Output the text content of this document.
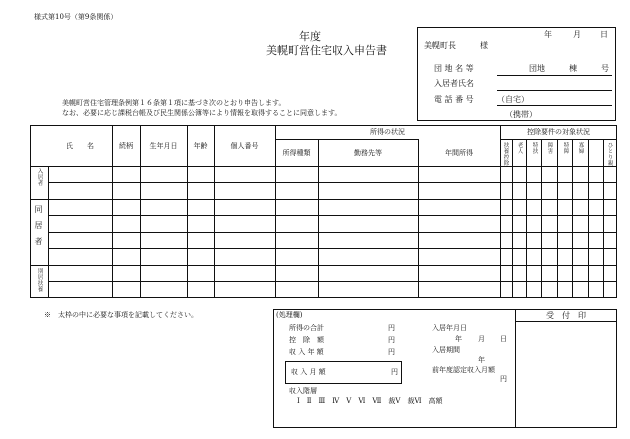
様式第10号（第9条関係）
年度
美幌町営住宅収入申告書
年	月 日
美幌町長　　　様
団 地 名 等	団地　　　棟　　　号
入居者氏名
電 話 番 号	（自宅）
（携帯）
美幌町営住宅管理条例第１６条第１項に基づき次のとおり申告します。
なお、必要に応じ課税台帳及び民生関係公簿等により情報を取得することに同意します。
氏　　名	続柄	生年月日	年齢	個人番号
所得の状況
所得種類	勤務先等	年間所得
控除要件の対象状況
扶養控除 老人 特扶 障害 特障 寡婦	ひとり親
入居者
同居者
別居扶養
※　太枠の中に必要な事項を記載してください。	受　付　印
(処理欄)
所得の合計	円
控　除　額	円
収 入 年 額	円
収 入 月 額	円
収入階層
Ⅰ　Ⅱ　Ⅲ　Ⅳ　Ⅴ　Ⅵ　Ⅶ　裁Ⅴ　裁Ⅵ　高額
入居年月日
年 月 日
入居期間
年
前年度認定収入月額
円
